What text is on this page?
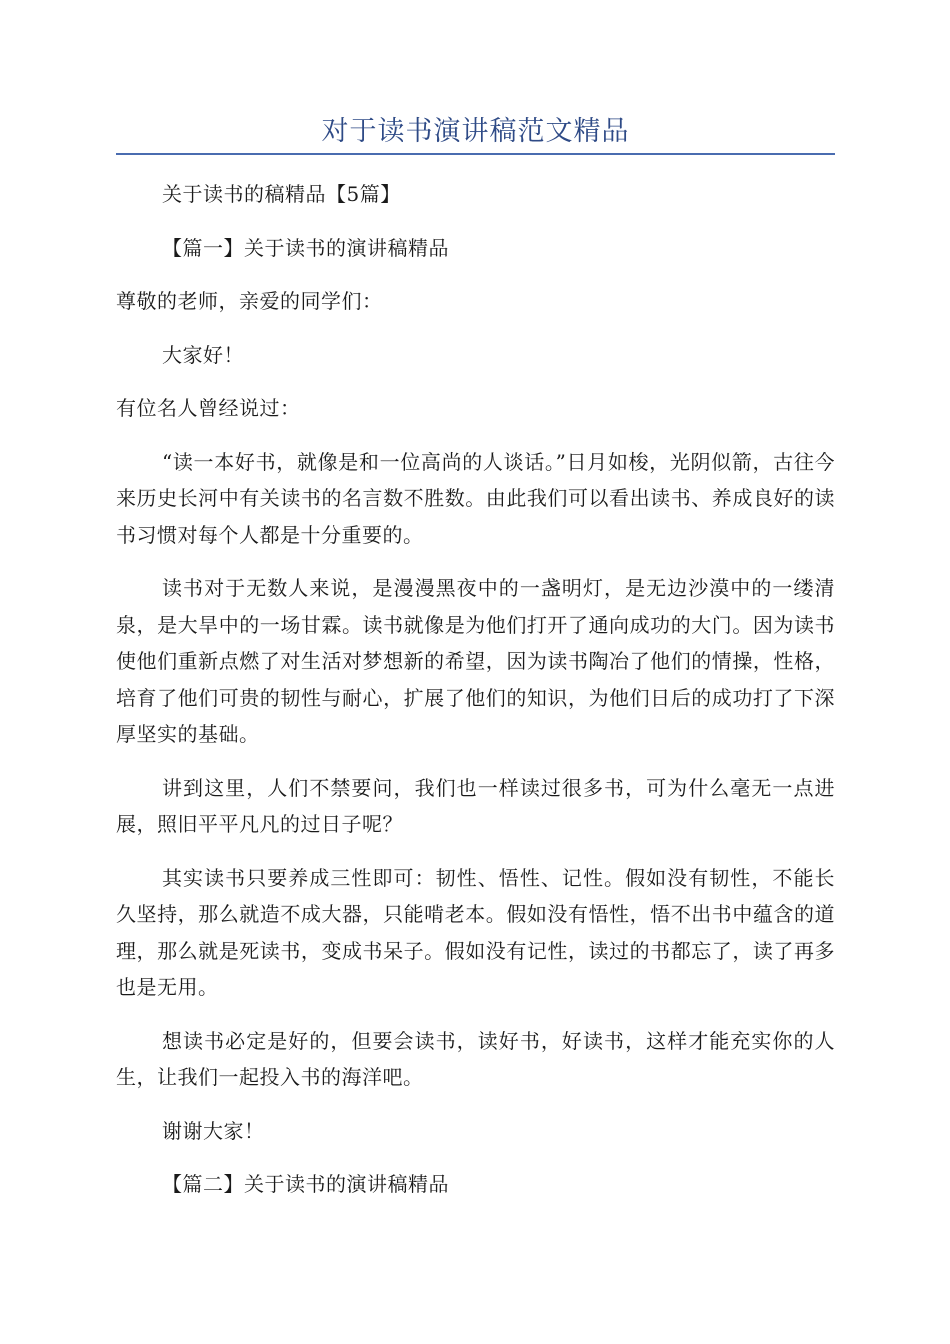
对于读书演讲稿范文精品

关于读书的稿精品【5篇】

【篇一】关于读书的演讲稿精品

尊敬的老师，亲爱的同学们：

大家好！

有位名人曾经说过：

“读一本好书，就像是和一位高尚的人谈话。”日月如梭，光阴似箭，古往今来历史长河中有关读书的名言数不胜数。由此我们可以看出读书、养成良好的读书习惯对每个人都是十分重要的。

读书对于无数人来说，是漫漫黑夜中的一盏明灯，是无边沙漠中的一缕清泉，是大旱中的一场甘霖。读书就像是为他们打开了通向成功的大门。因为读书使他们重新点燃了对生活对梦想新的希望，因为读书陶冶了他们的情操，性格，培育了他们可贵的韧性与耐心，扩展了他们的知识，为他们日后的成功打了下深厚坚实的基础。

讲到这里，人们不禁要问，我们也一样读过很多书，可为什么毫无一点进展，照旧平平凡凡的过日子呢？

其实读书只要养成三性即可：韧性、悟性、记性。假如没有韧性，不能长久坚持，那么就造不成大器，只能啃老本。假如没有悟性，悟不出书中蕴含的道理，那么就是死读书，变成书呆子。假如没有记性，读过的书都忘了，读了再多也是无用。

想读书必定是好的，但要会读书，读好书，好读书，这样才能充实你的人生，让我们一起投入书的海洋吧。

谢谢大家！

【篇二】关于读书的演讲稿精品
